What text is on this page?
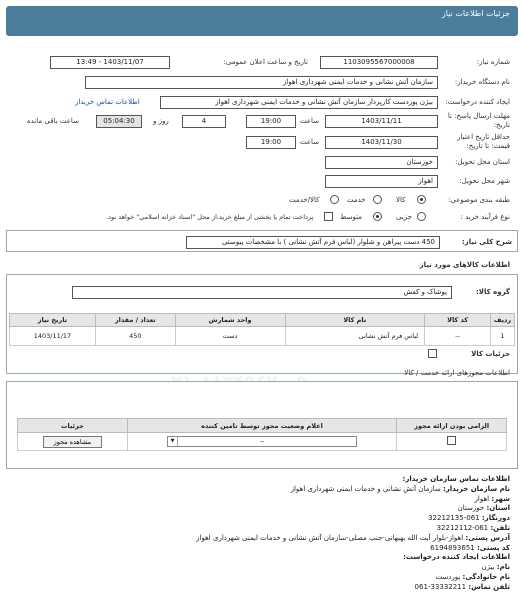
جزئیات اطلاعات نیاز
شماره نیاز:
1103095567000008
تاریخ و ساعت اعلان عمومی:
1403/11/07 - 13:49
نام دستگاه خریدار:
سازمان آتش نشانی و خدمات ایمنی شهرداری اهواز
ایجاد کننده درخواست:
بیژن پوردست کارپرداز سازمان آتش نشانی و خدمات ایمنی شهرداری اهواز
اطلاعات تماس خریدار
مهلت ارسال پاسخ: تا
تاریخ:
1403/11/11
ساعت
19:00
4
روز و
05:04:30
ساعت باقی مانده
حداقل تاریخ اعتبار
قیمت: تا تاریخ:
1403/11/30
ساعت
19:00
استان محل تحویل:
خوزستان
شهر محل تحویل:
اهواز
طبقه بندی موضوعی:
کالا
خدمت
کالا/خدمت
نوع فرآیند خرید :
جزیی
متوسط
پرداخت تمام یا بخشی از مبلغ خرید،از محل "اسناد خزانه اسلامی" خواهد بود.
شرح کلی نیاز:
450 دست پیراهن و شلوار (لباس فرم آتش نشانی ) با مشخصات پیوستی
اطلاعات کالاهای مورد نیاز
گروه کالا:
پوشاک و کفش
ردیف	کد کالا	نام کالا	واحد شمارش	تعداد / مقدار	تاریخ نیاز
1	--	لباس فرم آتش نشانی	دست	450	1403/11/17
جزئیات کالا
اطلاعات مجوزهای ارائه خدمت / کالا
الزامی بودن ارائه مجوز	اعلام وضعیت مجوز توسط تامین کننده	جزئیات

	▼ --	مشاهده مجوز
اطلاعات تماس سازمان خریدار:
نام سازمان خریدار: سازمان آتش نشانی و خدمات ایمنی شهرداری اهواز
شهر: اهواز
استان: خوزستان
دورنگار: 061-32212135
تلفن: 061-32212112
آدرس پستی: اهواز-بلوار آیت الله بهبهانی-جنب مصلی-سازمان آتش نشانی و خدمات ایمنی شهرداری اهواز
کد پستی: 6194893651
اطلاعات ایجاد کننده درخواست:
نام: بیژن
نام خانوادگی: پوردست
تلفن تماس: 33332211-061
